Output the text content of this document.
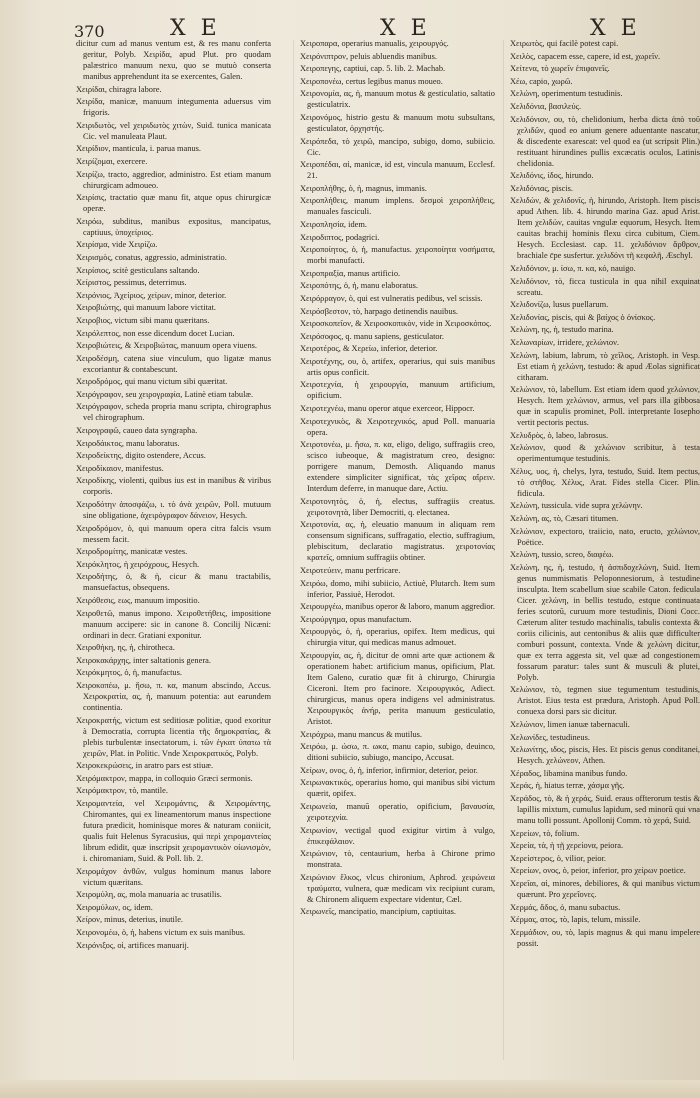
370	X E	X E	X E

dicitur cum ad manus ventum est, & res manu conferta geritur, Polyb. Χειρίδα, apud Plut. pro quodam palæstrico manuum nexu, quo se mutuò conserta manibus apprehendunt ita se exercentes, Galen.

Χειρίδαι, chiragra labore.

Χειρίδα, manicæ, manuum integumenta aduersus vim frigoris.

Χειριδωτὸς, vel χειριδωτὸς χιτὼν, Suid. tunica manicata Cic. vel manuleata Plaut.

Χειρίδιον, manticula, i. parua manus.

Χειρίζομαι, exercere.

Χειρίζω, tracto, aggredior, administro. Est etiam manum chirurgicam admoueo.

Χειρίσις, tractatio quæ manu fit, atque opus chirurgicæ operæ.

Χειρόω, subditus, manibus expositus, mancipatus, captiuus, ὑποχείριος.

Χειρίσμα, vide Χειρίζω.

Χειρισμὸς, conatus, aggressio, administratio.

Χειρίσιος, scitè gesticulans saltando.

Χείριστος, pessimus, deterrimus.

Χειρόνιος, Ἀχείριος, χείρων, minor, deterior.

Χειροβιώτης, qui manuum labore victitat.

Χειροβιος, victum sibi manu quæritans.

Χειρόλεπτος, non esse dicendum docet Lucian.

Χειροβιώτεις, & Χειροβιώτας, manuum opera viuens.

Χειροδέσμη, catena siue vinculum, quo ligatæ manus excoriantur & contabescunt.

Χειροδρόμος, qui manu victum sibi quæritat.

Χειρόγραφον, seu χειρογραφία, Latinè etiam tabulæ.

Χειρόγραφον, scheda propria manu scripta, chirographus vel chirographum.

Χειρογραφῶ, caueo data syngrapha.

Χειροδάικτος, manu laboratus.

Χειροδείκτης, digito ostendere, Accus.

Χειροδίκαιον, manifestus.

Χειροδίκης, violenti, quibus ius est in manibus & viribus corporis.

Χειροδότην ἀποσφάζω, ι. τὸ ἀνὰ χειρῶν, Poll. mutuum sine obligatione, ἀχειρόγραφον δάνειον, Hesych.

Χειροδρόμον, ὁ, qui manuum opera citra falcis vsum messem facit.

Χειροδρομίτης, manicatæ vestes.

Χειρόκλητος, ἡ χειρόχρους, Hesych.

Χειροδήτης, ὁ, & ἡ, cicur & manu tractabilis, mansuefactus, obsequens.

Χειρόθεσις, εως, manuum impositio.

Χειροθετῶ, manus impono. Χειροθετήθεις, impositione manuum accipere: sic in canone 8. Concilij Nicæni: ordinari in decr. Gratiani exponitur.

Χειροθήκη, ης, ἡ, chirotheca.

Χειροκακάρχης, inter saltationis genera.

Χειρόκμητος, ὁ, ἡ, manufactus.

Χειροκοπέω, μ. ἥσω, π. κα, manum abscindo, Accus. Χειροκρατία, ας, ἡ, manuum potentia: aut earundem continentia.

Χειροκρατής, victum est seditiosæ politiæ, quod exoritur à Democratia, corrupta licentia τῆς δημοκρατίας, & plebis turbulentæ insectatorum, i. τῶν ἐγκατ ύπατω τὰ χειρῶν, Plat. in Politic. Vnde Χειροκρατικός, Polyb.

Χειροκεκρώσεις, in aratro pars est stiuæ.

Χειρόμακτρον, mappa, in colloquio Græci sermonis.

Χειρόμακτρον, τὸ, mantile.

Χειρομαντεία, vel Χειρομάντις, & Χειρομάντης, Chiromantes, qui ex lineamentorum manus inspectione futura prædicit, hominisque mores & naturam coniicit, qualis fuit Helenus Syracusius, qui περὶ χειρομαντείας librum edidit, quæ inscripsit χειρομαντικὸν οἰωνισμὸν, i. chiromaniam, Suid. & Poll. lib. 2.

Χειρομάχον ἀνθῶν, vulgus hominum manus labore victum quæritans.

Χειρομύλη, ας, mola manuaria ac trusatilis.

Χειρομύλων, ος, idem.

Χείρον, minus, deterius, inutile.

Χειρονομέω, ὁ, ἡ, habens victum ex suis manibus.

Χειρόνιξος, οἱ, artifices manuarij.

Χειροπαρα, operarius manualis, χειρουργός.

Χειρόνιπτρον, peluis abluendis manibus.

Χειροπεγης, captiui, cap. 5. lib. 2. Machab.

Χειροπονέω, certus legibus manus moueo.

Χειρονομία, ας, ἡ, manuum motus & gesticulatio, saltatio gesticulatrix.

Χειρονόμος, histrio gestu & manuum motu subsultans, gesticulator, ὀρχηστής.

Χειρόπεδα, τὸ χειρῶ, mancipo, subigo, domo, subiicio. Cic.

Χειροπέδαι, αἱ, manicæ, id est, vincula manuum, Ecclesf. 21.

Χειροπλήθης, ὁ, ἡ, magnus, immanis.

Χειροπλήθεις, manum implens. δεσμοὶ χειροπλήθεις, manuales fasciculi.

Χειροπλησία, idem.

Χειροδιπτος, podagrici.

Χειροποίητος, ὁ, ἡ, manufactus. χειροποίητα νοσήματα, morbi manufacti.

Χειροπραξία, manus artificio.

Χειροπότης, ὁ, ἡ, manu elaboratus.

Χειρόρραγον, ὁ, qui est vulneratis pedibus, vel scissis.

Χειρόσβεστον, τὸ, harpago detinendis nauibus.

Χειροσκοπεῖον, & Χειροσκοπικὸν, vide in Χειροσκόπος.

Χειρόσοφος, q. manu sapiens, gesticulator.

Χειροτέρος, & Χερείω, inferior, deterior.

Χειροτέχνης, ου, ὁ, artifex, operarius, qui suis manibus artis opus conficit.

Χειροτεχνία, ἡ χειρουργία, manuum artificium, opificium.

Χειροτεχνέω, manu operor atque exerceor, Hippocr.

Χειροτεχνικὸς, & Χειροτεχνικός, apud Poll. manuaria opera.

Χειροτονέω, μ. ἥσω, π. κα, eligo, deligo, suffragiis creo, scisco iubeoque, & magistratum creo, designo: porrigere manum, Demosth. Aliquando manus extendere simpliciter significat, τὰς χεῖρας αἴρειν. Interdum deferre, in manuque dare, Actiu.

Χειροτονητὸς, ὁ, ἡ, electus, suffragiis creatus. χειροτονητὰ, liber Democriti, q. electanea.

Χειροτονία, ας, ἡ, eleuatio manuum in aliquam rem consensum significans, suffragatio, electio, suffragium, plebiscitum, declaratio magistratus. χειροτονίας κρατεῖς, omnium suffragiis obtiner.

Χειροτεύειν, manu perfricare.

Χειρόω, domo, mihi subiicio, Actiuè, Plutarch. Item sum inferior, Passiuè, Herodot.

Χειρουργέω, manibus operor & laboro, manum aggredior.

Χειρούργημα, opus manufactum.

Χειρουργὸς, ὁ, ἡ, operarius, opifex. Item medicus, qui chirurgia vitur, qui medicas manus admouet.

Χειρουργία, ας, ἡ, dicitur de omni arte quæ actionem & operationem habet: artificium manus, opificium, Plat. Item Galeno, curatio quæ fit à chirurgo, Chirurgia Ciceroni. Item pro facinore. Χειρουργικός, Adiect. chirurgicus, manus opera indigens vel administratus. Χειρουργικὸς ἀνήρ, perita manuum gesticulatio, Aristot.

Χειρόχρω, manu mancus & mutilus.

Χειρόω, μ. ώσω, π. ωκα, manu capio, subigo, deuinco, ditioni subiicio, subiugo, mancipo, Accusat.

Χείρων, ονος, ὁ, ἡ, inferior, infirmior, deterior, peior.

Χειρωνακτικός, operarius homo, qui manibus sibi victum quærit, opifex.

Χειρωνεία, manuū operatio, opificium, βαναυσία, χειροτεχνία.

Χειρωνίον, vectigal quod exigitur virtim à vulgo, ἐπικεφάλαιον.

Χειρώνιον, τὸ, centaurium, herba à Chirone primo monstrata.

Χειρώνιον ἕλκος, vlcus chironium, Aphrod. χειρώνεια τραύματα, vulnera, quæ medicam vix recipiunt curam, & Chironem aliquem expectare videntur, Cæl.

Χειρωνεῖς, mancipatio, mancipium, captiuitas.

Χειρωτὸς, qui facilè potest capi.

Χειλὸς, capacem esse, capere, id est, χωρεῖν.

Χείτενα, τὸ χωρεῖν ἐπιφανεῖς.

Χέω, capio, χωρῶ.

Χελώνη, operimentum testudinis.

Χελιδόνια, βασιλεύς.

Χελιδόνιον, ου, τὸ, chelidonium, herba dicta ἀπὸ τοῦ χελιδῶν, quod eo anium genere aduentante nascatur, & discedente exarescat: vel quod ea (ut scripsit Plin.) restituant hirundines pullis excæcatis oculos, Latinis chelidonia.

Χελιδόνις, ίδος, hirundo.

Χελιδόνιας, piscis.

Χελιδὼν, & χελιδονῖς, ἡ, hirundo, Aristoph. Item piscis apud Athen. lib. 4. hirundo marina Gaz. apud Arist. Item χελιδὼν, cauitas vngulæ equorum, Hesych. Item cauitas brachij hominis flexu circa cubitum, Ciem. Hesych. Ecclesiast. cap. 11. χελιδόνιον ἄρθρον, brachiale c̄pe susfertur. χελιδόνι τῆ κεφαλῆ, Æschyl.

Χελιδόνιον, μ. ίσω, π. κα, κό, nauigo.

Χελιδόνιον, τὸ, ficca tusticula in qua nihil exquinat screatu.

Χελιδονίζω, lusus puellarum.

Χελιδονίας, piscis, qui & βαίχος ὁ ὀνίσκος.

Χελώνη, ης, ἡ, testudo marina.

Χελωναρίων, irridere, χελώνιον.

Χελώνη, labium, labrum, τὸ χεῖλος, Aristoph. in Vesp. Est etiam ἡ χελώνη, testudo: & apud Æolas significat citharam.

Χελώνιον, τὸ, labellum. Est etiam idem quod χελώνιον, Hesych. Item χελώνιον, armus, vel pars illa gibbosa quæ in scapulis prominet, Poll. interpretante Iosepho vertit pectoris pectus.

Χελυδρὸς, ὁ, labeo, labrosus.

Χελώνιον, quod & χελώνιον scribitur, à testa operimentumque testudinis.

Χέλυς, υος, ἡ, chelys, lyra, testudo, Suid. Item pectus, τὸ στῆθος. Χέλυς, Arat. Fides stella Cicer. Plin. fidicula.

Χελώνη, tussicula. vide supra χελώνην.

Χελώνη, ας, τὸ, Cæsari titumen.

Χελώνιον, expectoro, traiicio, nato, eructo, χελώνιον, Poëtice.

Χελώνη, tussio, screo, διαφέω.

Χελώνη, ης, ἡ, testudo, ἡ ἀσπιδοχελώνη, Suid. Item genus nummismatis Peloponnesiorum, à testudine insculpta. Item scabellum siue scabile Caton. fedicula Cicer. χελώνη, in bellis testudo, estque continuata feries scutorū, curuum more testudinis, Dioni Cocc. Cæterum aliter testudo machinalis, tabulis contexta & coriis cilicinis, aut centonibus & aliis quæ difficulter comburi possunt, contexta. Vnde & χελώνη dicitur, quæ ex terra aggesta sit, vel quæ ad congestionem fossarum paratur: tales sunt & musculi & plutei, Polyb.

Χελώνιον, τὸ, tegmen siue tegumentum testudinis, Aristot. Eius testa est prædura, Aristoph. Apud Poll. conuexa dorsi pars sic dicitur.

Χελώνιον, limen ianuæ tabernaculi.

Χελωνίδες, testudineus.

Χελωνίτης, ιδος, piscis, Hes. Et piscis genus conditanei, Hesych. χελώνεον, Athen.

Χέραδος, libamina manibus fundo.

Χεράς, ἡ, hiatus terræ, χάσμα γῆς.

Χεράδος, τὸ, & ἡ χεράς, Suid. eraus offterorum testis & lapillis mixtum, cumulus lapidum, sed minorū qui vna manu tolli possunt. Apollonij Comm. τὸ χερά, Suid.

Χερείων, τὸ, folium.

Χερεία, τὰ, ἡ τῇ χερείονα, peiora.

Χερείστερος, ὁ, vilior, peior.

Χερείων, ονος, ὁ, peior, inferior, pro χείρων poetice.

Χερεῖαι, αἱ, minores, debiliores, & qui manibus victum quærunt. Pro χερεΐονες.

Χερμάς, ἄδος, ὁ, manu subactus.

Χέρμας, ατος, τὸ, lapis, telum, missile.

Χερμάδιον, ου, τὸ, lapis magnus & qui manu impelere possit.
